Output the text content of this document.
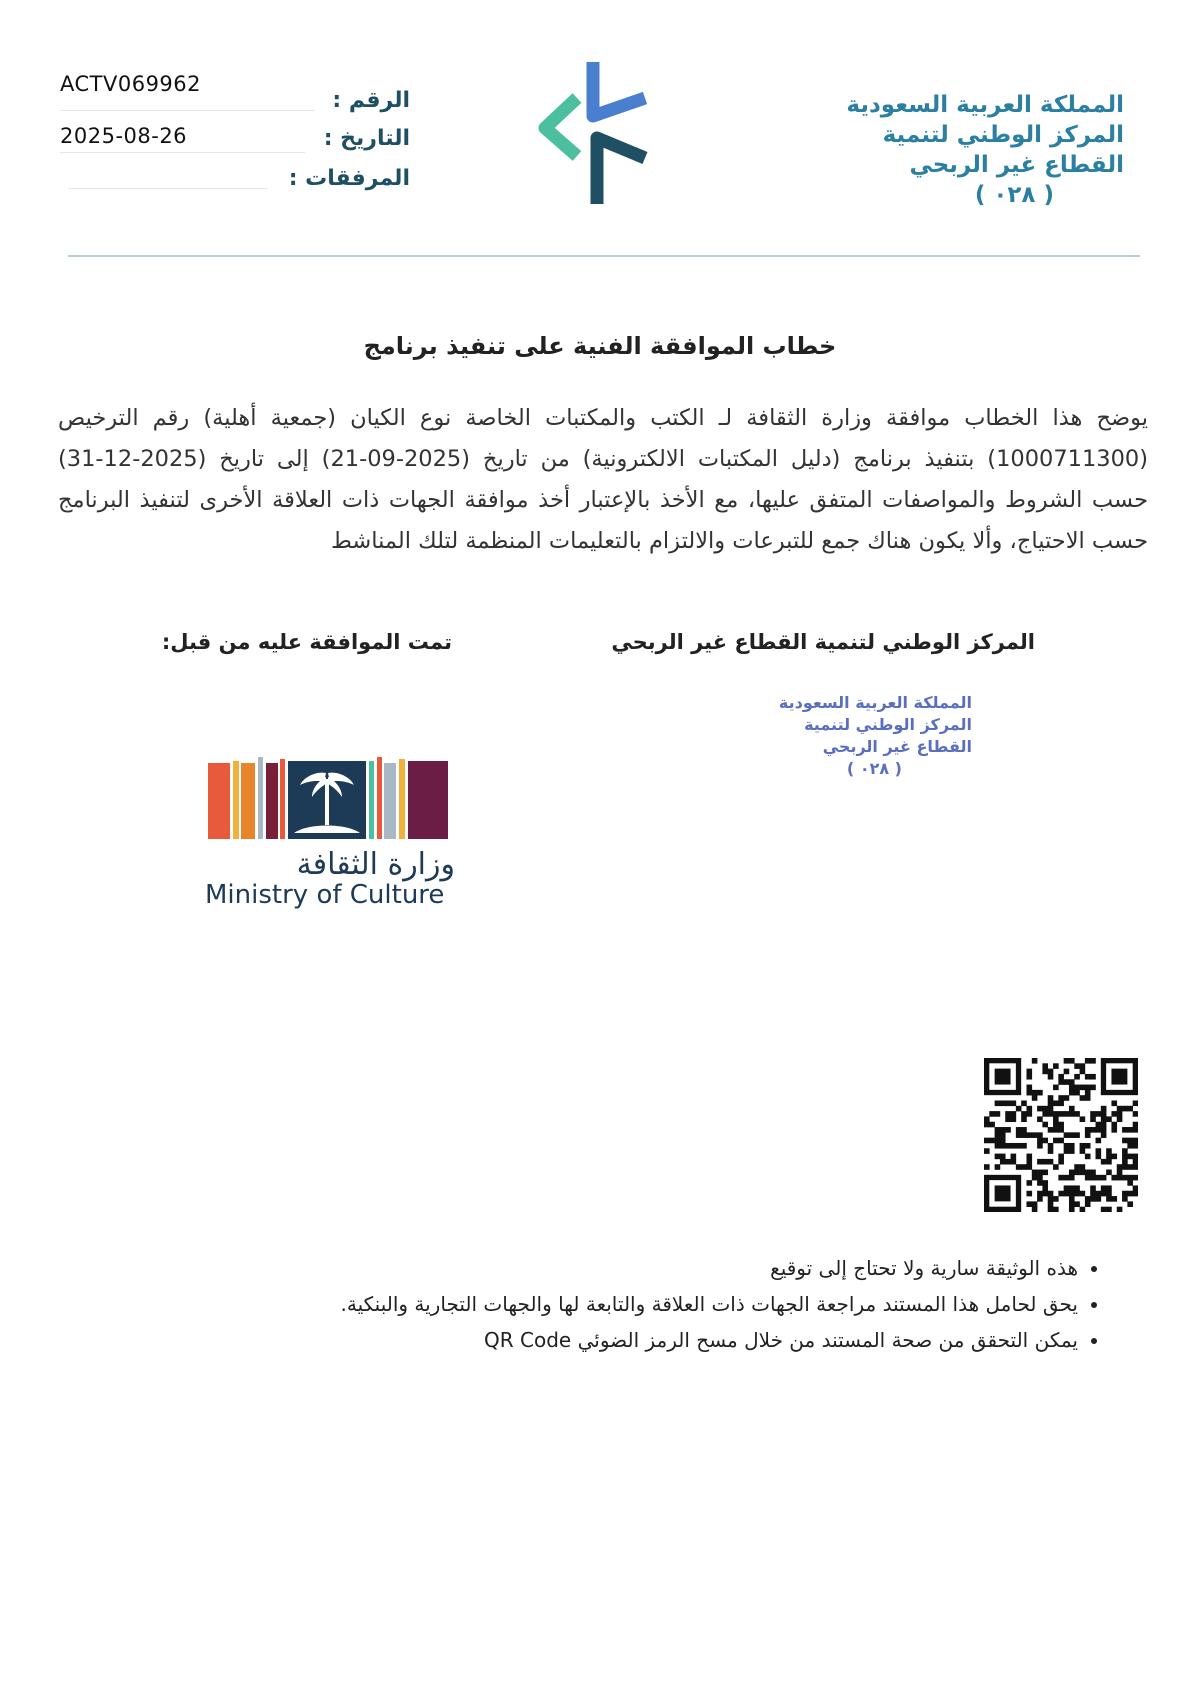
ACTV069962
الرقم :
2025-08-26	التاريخ :
المرفقات :
المملكة العربية السعودية
المركز الوطني لتنمية
القطاع غير الربحي
( ٠٢٨ )
خطاب الموافقة الفنية على تنفيذ برنامج
يوضح هذا الخطاب موافقة وزارة الثقافة لـ الكتب والمكتبات الخاصة نوع الكيان (جمعية أهلية) رقم الترخيص (1000711300) بتنفيذ برنامج (دليل المكتبات الالكترونية) من تاريخ (2025-09-21) إلى تاريخ (2025-12-31) حسب الشروط والمواصفات المتفق عليها، مع الأخذ بالإعتبار أخذ موافقة الجهات ذات العلاقة الأخرى لتنفيذ البرنامج حسب الاحتياج، وألا يكون هناك جمع للتبرعات والالتزام بالتعليمات المنظمة لتلك المناشط
المركز الوطني لتنمية القطاع غير الربحي
تمت الموافقة عليه من قبل:
المملكة العربية السعودية
المركز الوطني لتنمية
القطاع غير الربحي
( ٠٢٨ )
وزارة الثقافة
Ministry of Culture
• هذه الوثيقة سارية ولا تحتاج إلى توقيع
• يحق لحامل هذا المستند مراجعة الجهات ذات العلاقة والتابعة لها والجهات التجارية والبنكية.
• يمكن التحقق من صحة المستند من خلال مسح الرمز الضوئي QR Code
